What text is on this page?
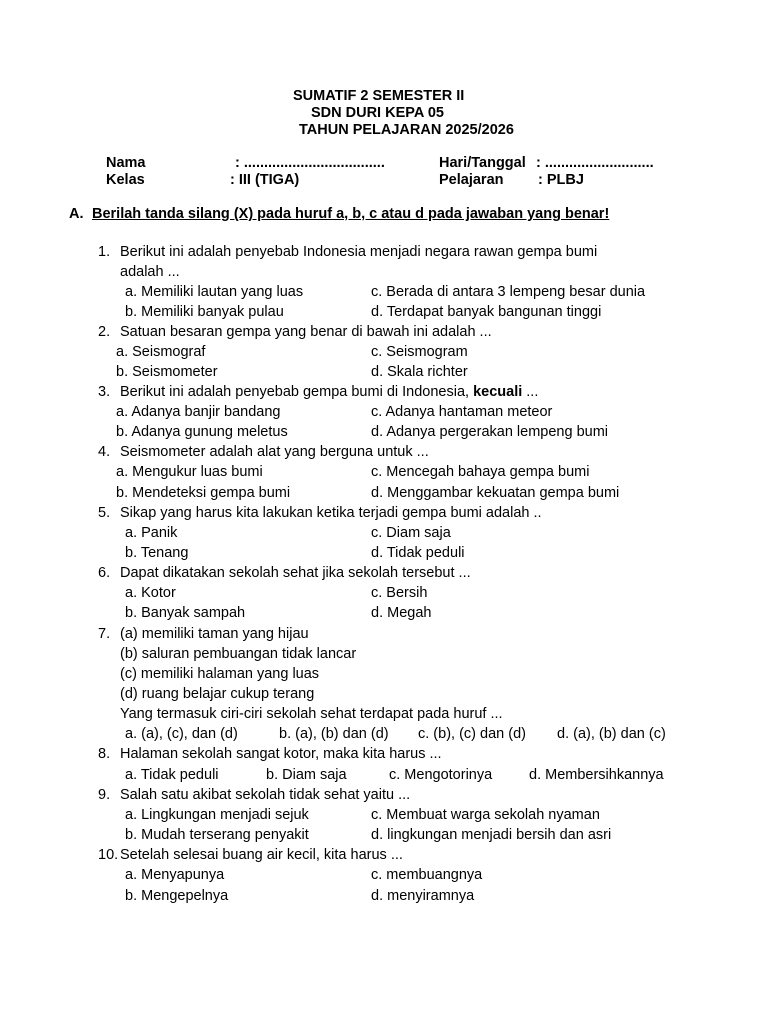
SUMATIF 2 SEMESTER II
SDN DURI KEPA 05
TAHUN PELAJARAN 2025/2026
Nama	: ...................................	Hari/Tanggal : ...........................
Kelas	: III (TIGA)	Pelajaran : PLBJ
A. Berilah tanda silang (X) pada huruf a, b, c atau d pada jawaban yang benar!
1. Berikut ini adalah penyebab Indonesia menjadi negara rawan gempa bumi
adalah ...
a. Memiliki lautan yang luas	c. Berada di antara 3 lempeng besar dunia
b. Memiliki banyak pulau	d. Terdapat banyak bangunan tinggi
2. Satuan besaran gempa yang benar di bawah ini adalah ...
a. Seismograf	c. Seismogram
b. Seismometer	d. Skala richter
3. Berikut ini adalah penyebab gempa bumi di Indonesia, kecuali ...
a. Adanya banjir bandang	c. Adanya hantaman meteor
b. Adanya gunung meletus	d. Adanya pergerakan lempeng bumi
4. Seismometer adalah alat yang berguna untuk ...
a. Mengukur luas bumi	c. Mencegah bahaya gempa bumi
b. Mendeteksi gempa bumi	d. Menggambar kekuatan gempa bumi
5. Sikap yang harus kita lakukan ketika terjadi gempa bumi adalah ..
a. Panik	c. Diam saja
b. Tenang	d. Tidak peduli
6. Dapat dikatakan sekolah sehat jika sekolah tersebut ...
a. Kotor	c. Bersih
b. Banyak sampah	d. Megah
7. (a) memiliki taman yang hijau
(b) saluran pembuangan tidak lancar
(c) memiliki halaman yang luas
(d) ruang belajar cukup terang
Yang termasuk ciri-ciri sekolah sehat terdapat pada huruf ...
a. (a), (c), dan (d)	b. (a), (b) dan (d) c. (b), (c) dan (d) d. (a), (b) dan (c)
8. Halaman sekolah sangat kotor, maka kita harus ...
a. Tidak peduli	b. Diam saja	c. Mengotorinya	d. Membersihkannya
9. Salah satu akibat sekolah tidak sehat yaitu ...
a. Lingkungan menjadi sejuk	c. Membuat warga sekolah nyaman
b. Mudah terserang penyakit	d. lingkungan menjadi bersih dan asri
10. Setelah selesai buang air kecil, kita harus ...
a. Menyapunya	c. membuangnya
b. Mengepelnya	d. menyiramnya
